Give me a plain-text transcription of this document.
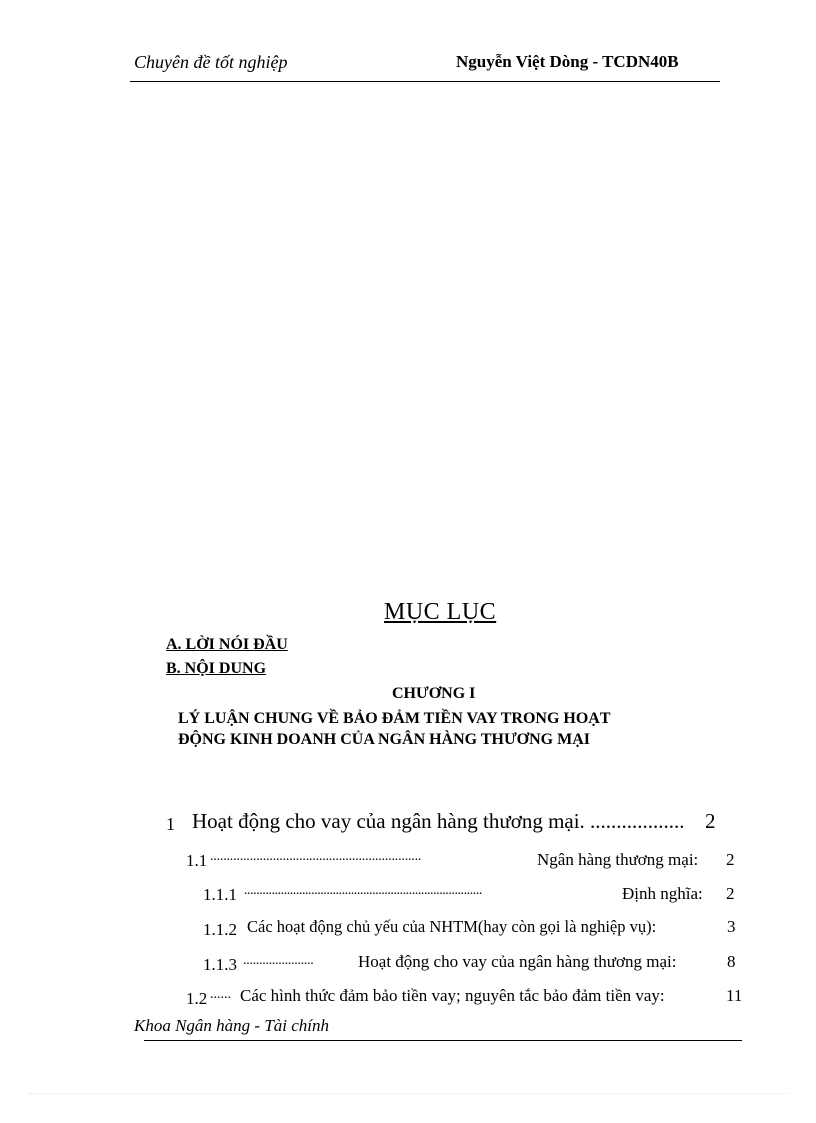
Chuyên đề tốt nghiệp	Nguyễn Việt Dòng - TCDN40B
MỤC LỤC
A. LỜI NÓI ĐẦU
B. NỘI DUNG
CHƯƠNG I
LÝ LUẬN CHUNG VỀ BẢO ĐẢM TIỀN VAY TRONG HOẠT
ĐỘNG KINH DOANH CỦA NGÂN HÀNG THƯƠNG MẠI
1 Hoạt động cho vay của ngân hàng thương mại. .................. 2
1.1 ................................................................	Ngân hàng thương mại: 2
1.1.1 ..............................................................................	Định nghĩa: 2
1.1.2 Các hoạt động chủ yếu của NHTM(hay còn gọi là nghiệp vụ):	3
1.1.3 ......................	Hoạt động cho vay của ngân hàng thương mại:	8
1.2 ...... Các hình thức đảm bảo tiền vay; nguyên tắc bảo đảm tiền vay:	11
Khoa Ngân hàng - Tài chính
